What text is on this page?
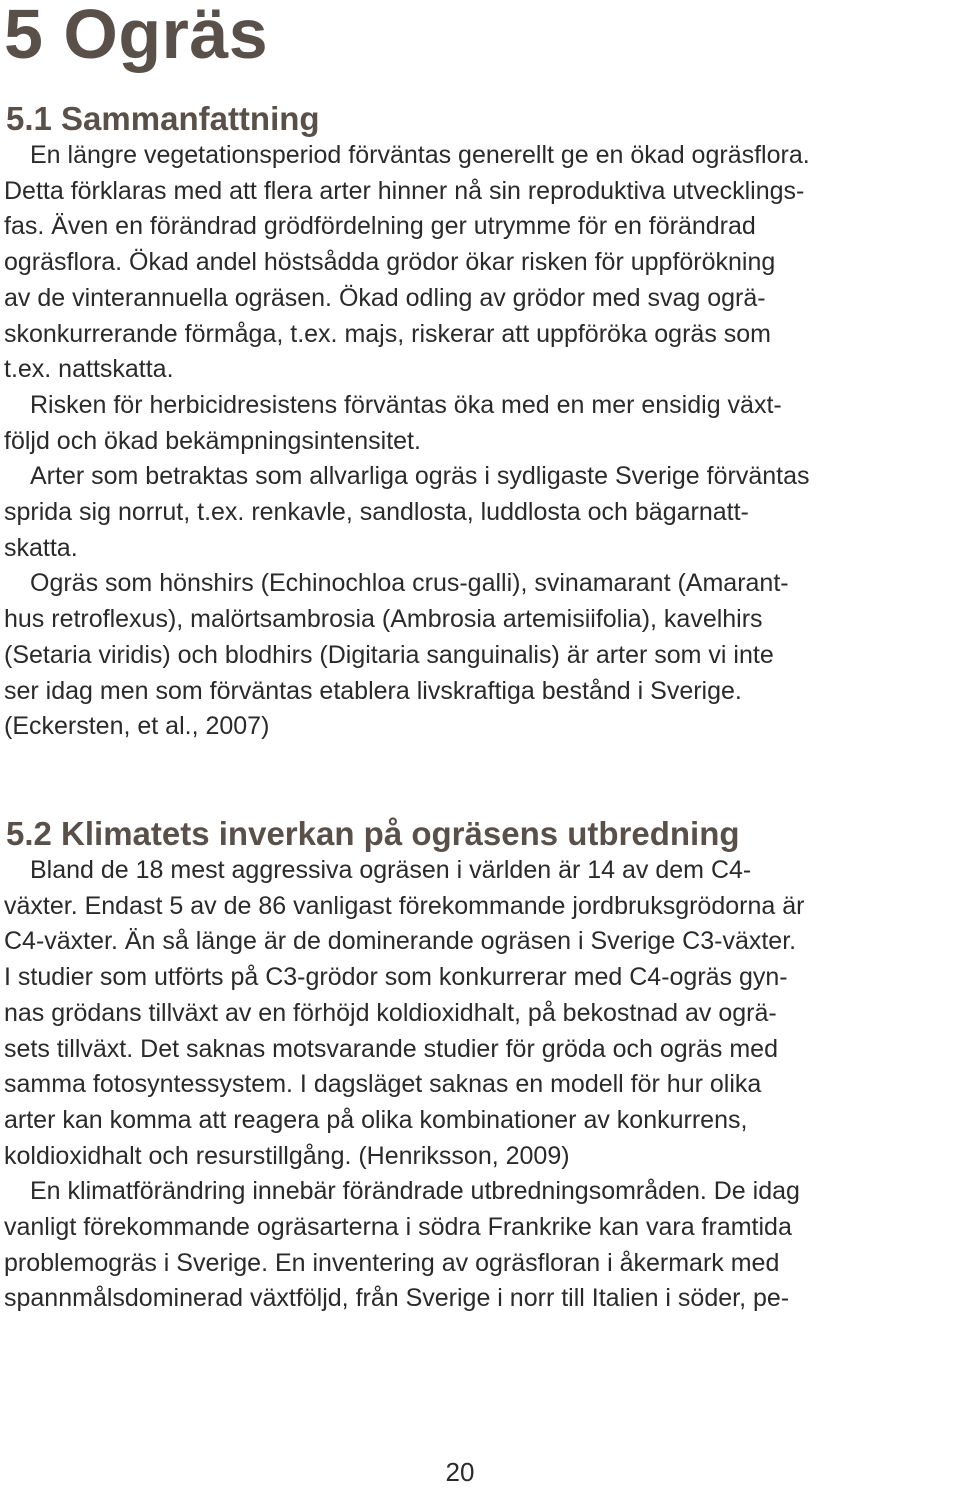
5 Ogräs
5.1 Sammanfattning

En längre vegetationsperiod förväntas generellt ge en ökad ogräsflora.
Detta förklaras med att flera arter hinner nå sin reproduktiva utvecklings-
fas. Även en förändrad grödfördelning ger utrymme för en förändrad
ogräsflora. Ökad andel höstsådda grödor ökar risken för uppförökning
av de vinterannuella ogräsen. Ökad odling av grödor med svag ogrä-
skonkurrerande förmåga, t.ex. majs, riskerar att uppföröka ogräs som
t.ex. nattskatta.

Risken för herbicidresistens förväntas öka med en mer ensidig växt-
följd och ökad bekämpningsintensitet.

Arter som betraktas som allvarliga ogräs i sydligaste Sverige förväntas
sprida sig norrut, t.ex. renkavle, sandlosta, luddlosta och bägarnatt-
skatta.

Ogräs som hönshirs (Echinochloa crus-galli), svinamarant (Amarant-
hus retroflexus), malörtsambrosia (Ambrosia artemisiifolia), kavelhirs
(Setaria viridis) och blodhirs (Digitaria sanguinalis) är arter som vi inte
ser idag men som förväntas etablera livskraftiga bestånd i Sverige.
(Eckersten, et al., 2007)

5.2 Klimatets inverkan på ogräsens utbredning

Bland de 18 mest aggressiva ogräsen i världen är 14 av dem C4-
växter. Endast 5 av de 86 vanligast förekommande jordbruksgrödorna är
C4-växter. Än så länge är de dominerande ogräsen i Sverige C3-växter.
I studier som utförts på C3-grödor som konkurrerar med C4-ogräs gyn-
nas grödans tillväxt av en förhöjd koldioxidhalt, på bekostnad av ogrä-
sets tillväxt. Det saknas motsvarande studier för gröda och ogräs med
samma fotosyntessystem. I dagsläget saknas en modell för hur olika
arter kan komma att reagera på olika kombinationer av konkurrens,
koldioxidhalt och resurstillgång. (Henriksson, 2009)

En klimatförändring innebär förändrade utbredningsområden. De idag
vanligt förekommande ogräsarterna i södra Frankrike kan vara framtida
problemogräs i Sverige. En inventering av ogräsfloran i åkermark med
spannmålsdominerad växtföljd, från Sverige i norr till Italien i söder, pe-

20
